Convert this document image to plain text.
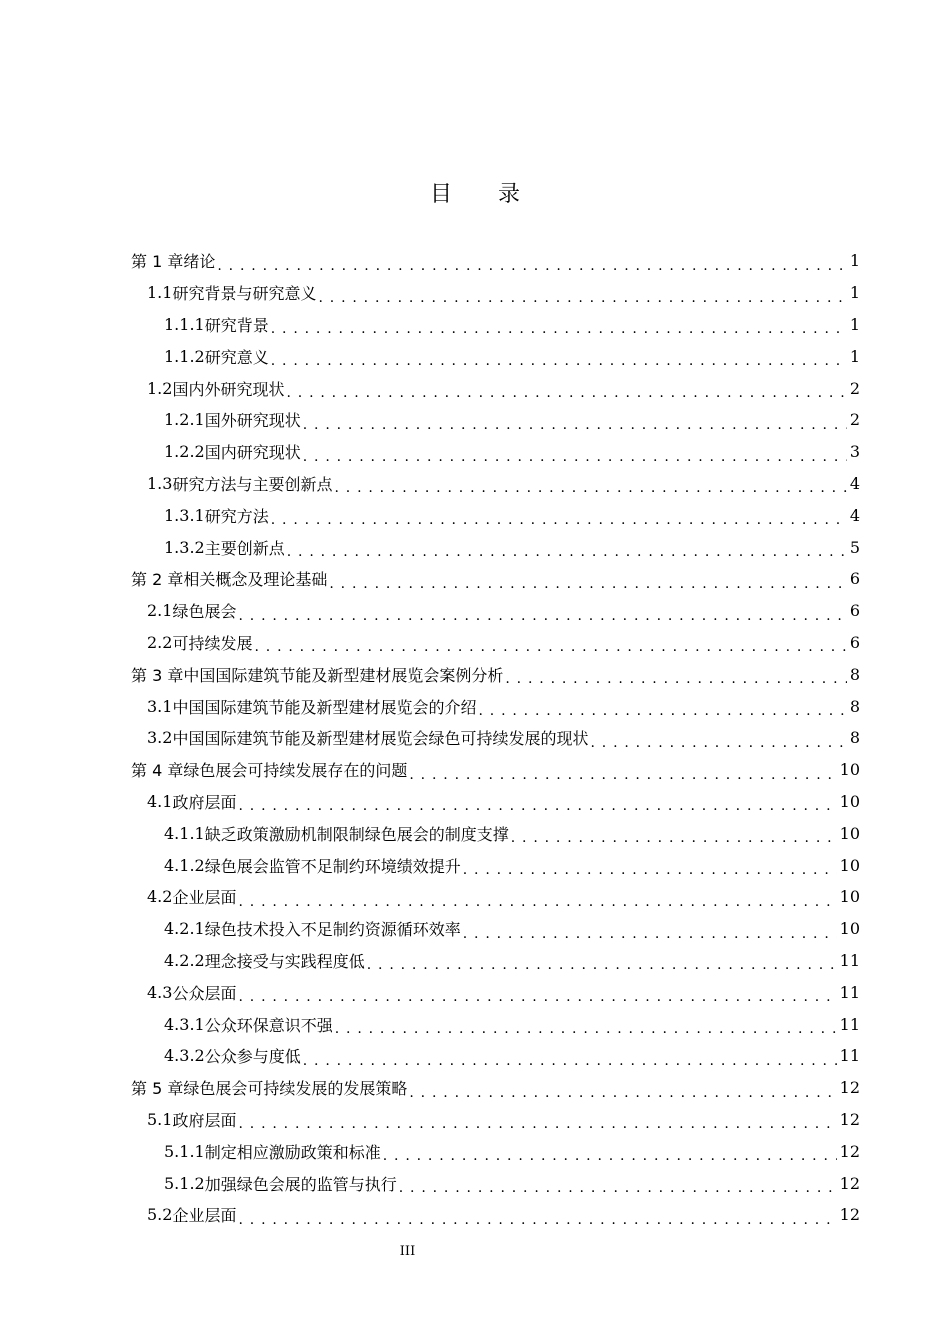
目 录
第 1 章 绪论 . . .	1
1.1 研究背景与研究意义 . . .	1
1.1.1 研究背景 . . .	1
1.1.2 研究意义 . . .	1
1.2 国内外研究现状 . . .	2
1.2.1 国外研究现状 . . .	2
1.2.2 国内研究现状 . . .	3
1.3 研究方法与主要创新点 . . .	4
1.3.1 研究方法 . . .	4
1.3.2 主要创新点 . . .	5
第 2 章 相关概念及理论基础 . . .	6
2.1 绿色展会 . . .	6
2.2 可持续发展 . . .	6
第 3 章 中国国际建筑节能及新型建材展览会案例分析 . . .	8
3.1 中国国际建筑节能及新型建材展览会的介绍 . . .	8
3.2 中国国际建筑节能及新型建材展览会绿色可持续发展的现状 . . .	8
第 4 章 绿色展会可持续发展存在的问题 . . .	10
4.1 政府层面 . . .	10
4.1.1 缺乏政策激励机制限制绿色展会的制度支撑 . . .	10
4.1.2 绿色展会监管不足制约环境绩效提升 . . .	10
4.2 企业层面 . . .	10
4.2.1 绿色技术投入不足制约资源循环效率 . . .	10
4.2.2 理念接受与实践程度低 . . .	11
4.3 公众层面 . . .	11
4.3.1 公众环保意识不强 . . .	11
4.3.2 公众参与度低 . . .	11
第 5 章 绿色展会可持续发展的发展策略 . . .	12
5.1 政府层面 . . .	12
5.1.1 制定相应激励政策和标准 . . .	12
5.1.2 加强绿色会展的监管与执行 . . .	12
5.2 企业层面 . . .	12
III
